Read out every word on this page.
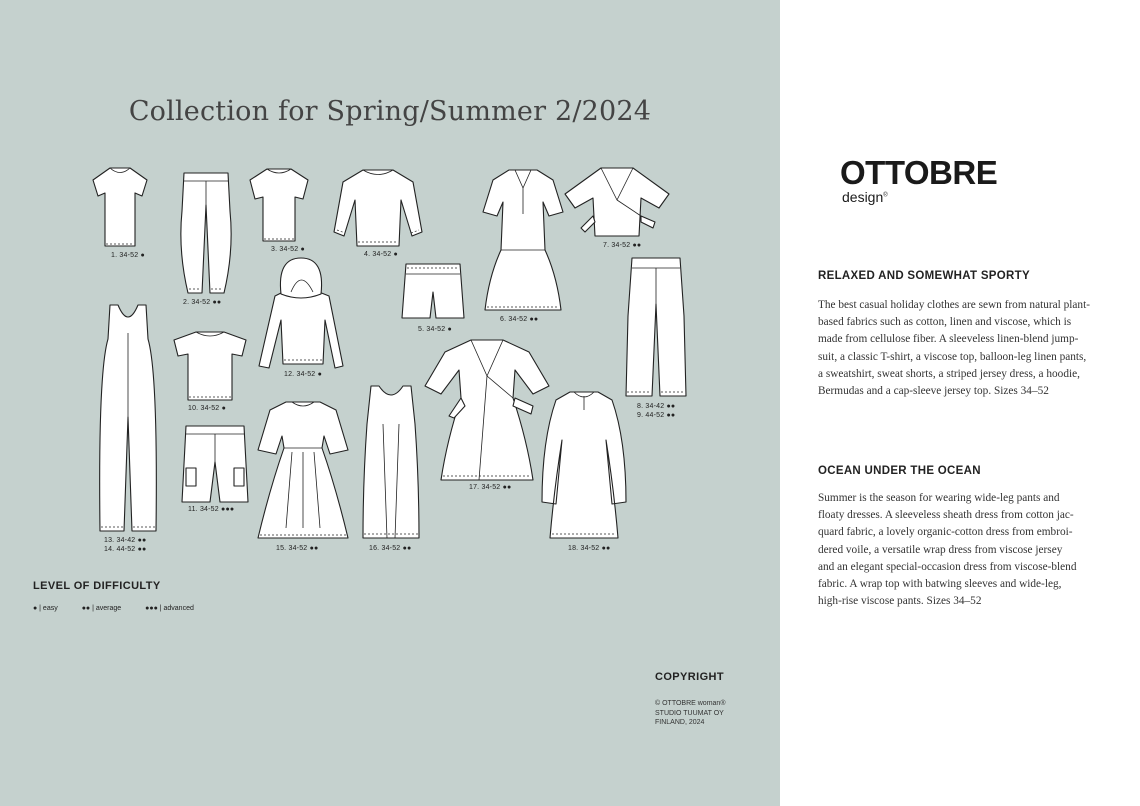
Collection for Spring/Summer 2/2024
1. 34-52 ●
2. 34-52 ●●
3. 34-52 ●
4. 34-52 ●
5. 34-52 ●
6. 34-52 ●●
7. 34-52 ●●
8. 34-42 ●●
9. 44-52 ●●
12. 34-52 ●
13. 34-42 ●●
14. 44-52 ●●
10. 34-52 ●
11. 34-52 ●●●
15. 34-52 ●●	16. 34-52 ●●
17. 34-52 ●●
18. 34-52 ●●
LEVEL OF DIFFICULTY
● | easy	●● | average	●●● | advanced
COPYRIGHT
© OTTOBRE woman®
STUDIO TUUMAT OY
FINLAND, 2024
OTTOBRE
design®
RELAXED AND SOMEWHAT SPORTY
The best casual holiday clothes are sewn from natural plant-
based fabrics such as cotton, linen and viscose, which is
made from cellulose fiber. A sleeveless linen-blend jump-
suit, a classic T-shirt, a viscose top, balloon-leg linen pants,
a sweatshirt, sweat shorts, a striped jersey dress, a hoodie,
Bermudas and a cap-sleeve jersey top. Sizes 34–52
OCEAN UNDER THE OCEAN
Summer is the season for wearing wide-leg pants and
floaty dresses. A sleeveless sheath dress from cotton jac-
quard fabric, a lovely organic-cotton dress from embroi-
dered voile, a versatile wrap dress from viscose jersey
and an elegant special-occasion dress from viscose-blend
fabric. A wrap top with batwing sleeves and wide-leg,
high-rise viscose pants. Sizes 34–52
